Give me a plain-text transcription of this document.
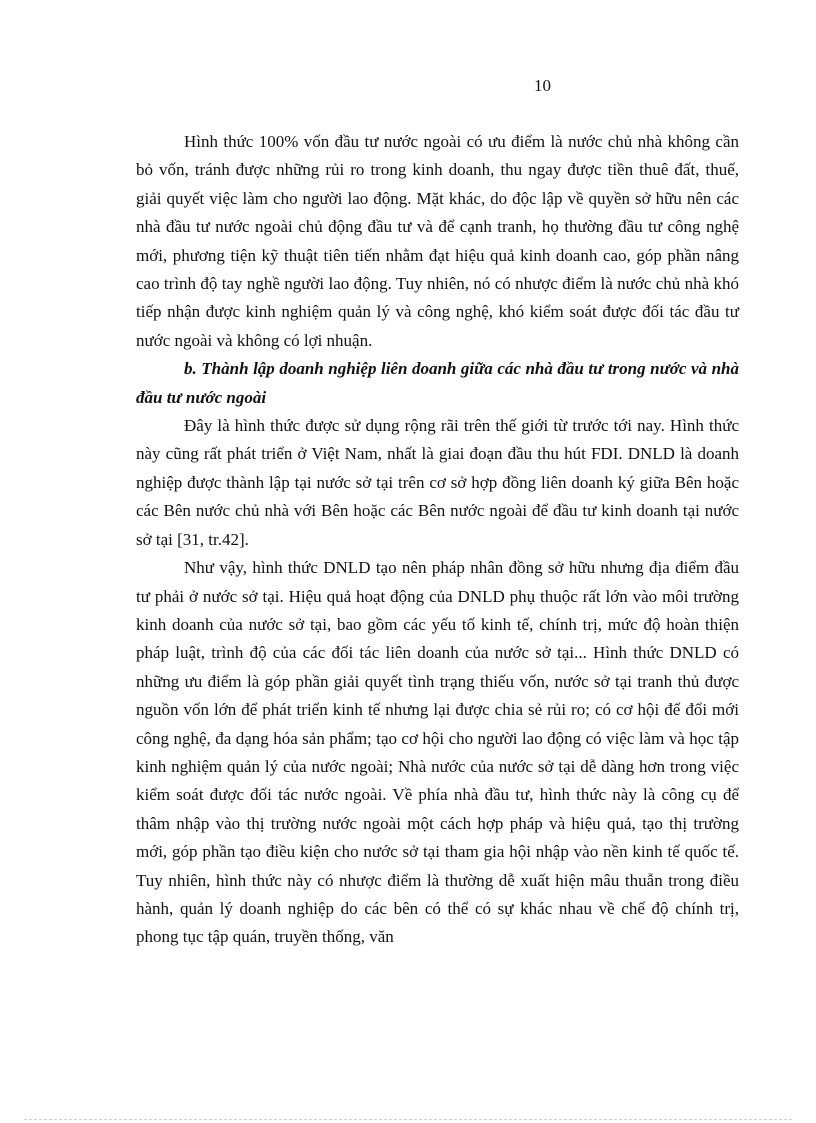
10

Hình thức 100% vốn đầu tư nước ngoài có ưu điểm là nước chủ nhà không cần bỏ vốn, tránh được những rủi ro trong kinh doanh, thu ngay được tiền thuê đất, thuế, giải quyết việc làm cho người lao động. Mặt khác, do độc lập về quyền sở hữu nên các nhà đầu tư nước ngoài chủ động đầu tư và để cạnh tranh, họ thường đầu tư công nghệ mới, phương tiện kỹ thuật tiên tiến nhằm đạt hiệu quả kinh doanh cao, góp phần nâng cao trình độ tay nghề người lao động. Tuy nhiên, nó có nhược điểm là nước chủ nhà khó tiếp nhận được kinh nghiệm quản lý và công nghệ, khó kiểm soát được đối tác đầu tư nước ngoài và không có lợi nhuận.

b. Thành lập doanh nghiệp liên doanh giữa các nhà đầu tư trong nước và nhà đầu tư nước ngoài

Đây là hình thức được sử dụng rộng rãi trên thế giới từ trước tới nay. Hình thức này cũng rất phát triển ở Việt Nam, nhất là giai đoạn đầu thu hút FDI. DNLD là doanh nghiệp được thành lập tại nước sở tại trên cơ sở hợp đồng liên doanh ký giữa Bên hoặc các Bên nước chủ nhà với Bên hoặc các Bên nước ngoài để đầu tư kinh doanh tại nước sở tại [31, tr.42].

Như vậy, hình thức DNLD tạo nên pháp nhân đồng sở hữu nhưng địa điểm đầu tư phải ở nước sở tại. Hiệu quả hoạt động của DNLD phụ thuộc rất lớn vào môi trường kinh doanh của nước sở tại, bao gồm các yếu tố kinh tế, chính trị, mức độ hoàn thiện pháp luật, trình độ của các đối tác liên doanh của nước sở tại... Hình thức DNLD có những ưu điểm là góp phần giải quyết tình trạng thiếu vốn, nước sở tại tranh thủ được nguồn vốn lớn để phát triển kinh tế nhưng lại được chia sẻ rủi ro; có cơ hội để đổi mới công nghệ, đa dạng hóa sản phẩm; tạo cơ hội cho người lao động có việc làm và học tập kinh nghiệm quản lý của nước ngoài; Nhà nước của nước sở tại dễ dàng hơn trong việc kiểm soát được đối tác nước ngoài. Về phía nhà đầu tư, hình thức này là công cụ để thâm nhập vào thị trường nước ngoài một cách hợp pháp và hiệu quả, tạo thị trường mới, góp phần tạo điều kiện cho nước sở tại tham gia hội nhập vào nền kinh tế quốc tế. Tuy nhiên, hình thức này có nhược điểm là thường dễ xuất hiện mâu thuẫn trong điều hành, quản lý doanh nghiệp do các bên có thể có sự khác nhau về chế độ chính trị, phong tục tập quán, truyền thống, văn
